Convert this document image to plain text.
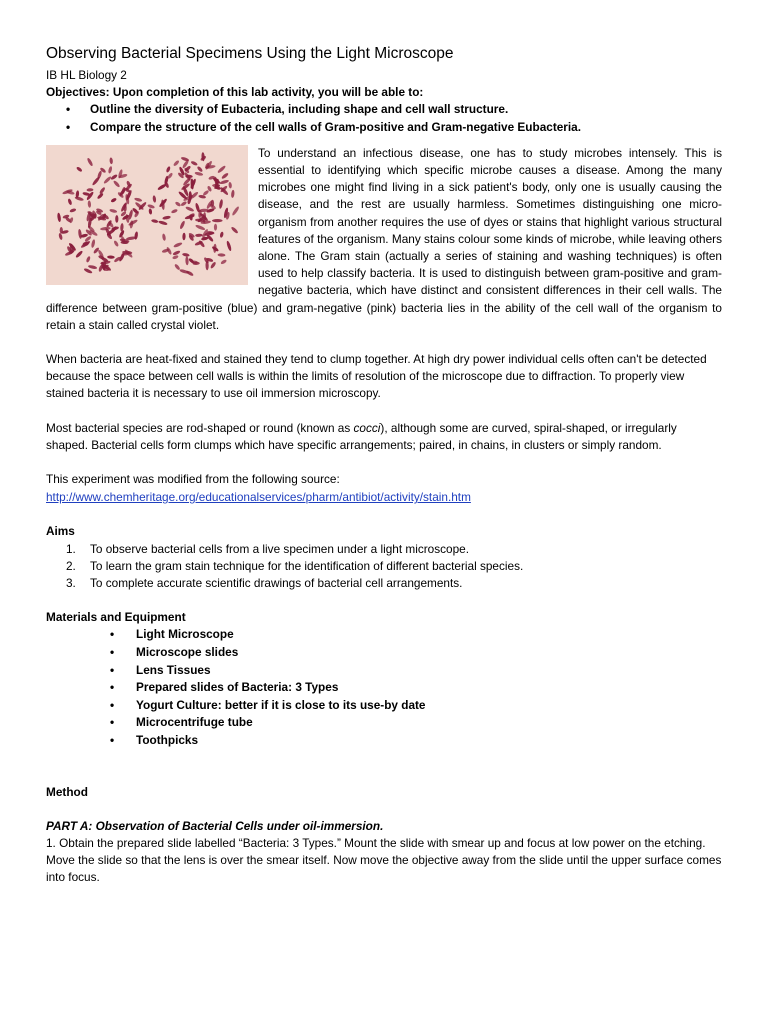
Observing Bacterial Specimens Using the Light Microscope
IB HL Biology 2
Objectives: Upon completion of this lab activity, you will be able to:
• Outline the diversity of Eubacteria, including shape and cell wall structure.
• Compare the structure of the cell walls of Gram-positive and Gram-negative Eubacteria.
To understand an infectious disease, one has to study microbes intensely. This is essential to identifying which specific microbe causes a disease. Among the many microbes one might find living in a sick patient's body, only one is usually causing the disease, and the rest are usually harmless. Sometimes distinguishing one micro-organism from another requires the use of dyes or stains that highlight various structural features of the organism. Many stains colour some kinds of microbe, while leaving others alone. The Gram stain (actually a series of staining and washing techniques) is often used to help classify bacteria. It is used to distinguish between gram-positive and gram-negative bacteria, which have distinct and consistent differences in their cell walls. The difference between gram-positive (blue) and gram-negative (pink) bacteria lies in the ability of the cell wall of the organism to retain a stain called crystal violet.

When bacteria are heat-fixed and stained they tend to clump together. At high dry power individual cells often can't be detected because the space between cell walls is within the limits of resolution of the microscope due to diffraction. To properly view stained bacteria it is necessary to use oil immersion microscopy.

Most bacterial species are rod-shaped or round (known as cocci), although some are curved, spiral-shaped, or irregularly shaped. Bacterial cells form clumps which have specific arrangements; paired, in chains, in clusters or simply random.

This experiment was modified from the following source:

http://www.chemheritage.org/educationalservices/pharm/antibiot/activity/stain.htm
Aims
1. To observe bacterial cells from a live specimen under a light microscope.
2. To learn the gram stain technique for the identification of different bacterial species.
3. To complete accurate scientific drawings of bacterial cell arrangements.
Materials and Equipment
• Light Microscope
• Microscope slides
• Lens Tissues
• Prepared slides of Bacteria: 3 Types
• Yogurt Culture: better if it is close to its use-by date
• Microcentrifuge tube
• Toothpicks
Method
PART A: Observation of Bacterial Cells under oil-immersion.

1. Obtain the prepared slide labelled “Bacteria: 3 Types.” Mount the slide with smear up and focus at low power on the etching. Move the slide so that the lens is over the smear itself. Now move the objective away from the slide until the upper surface comes into focus.
